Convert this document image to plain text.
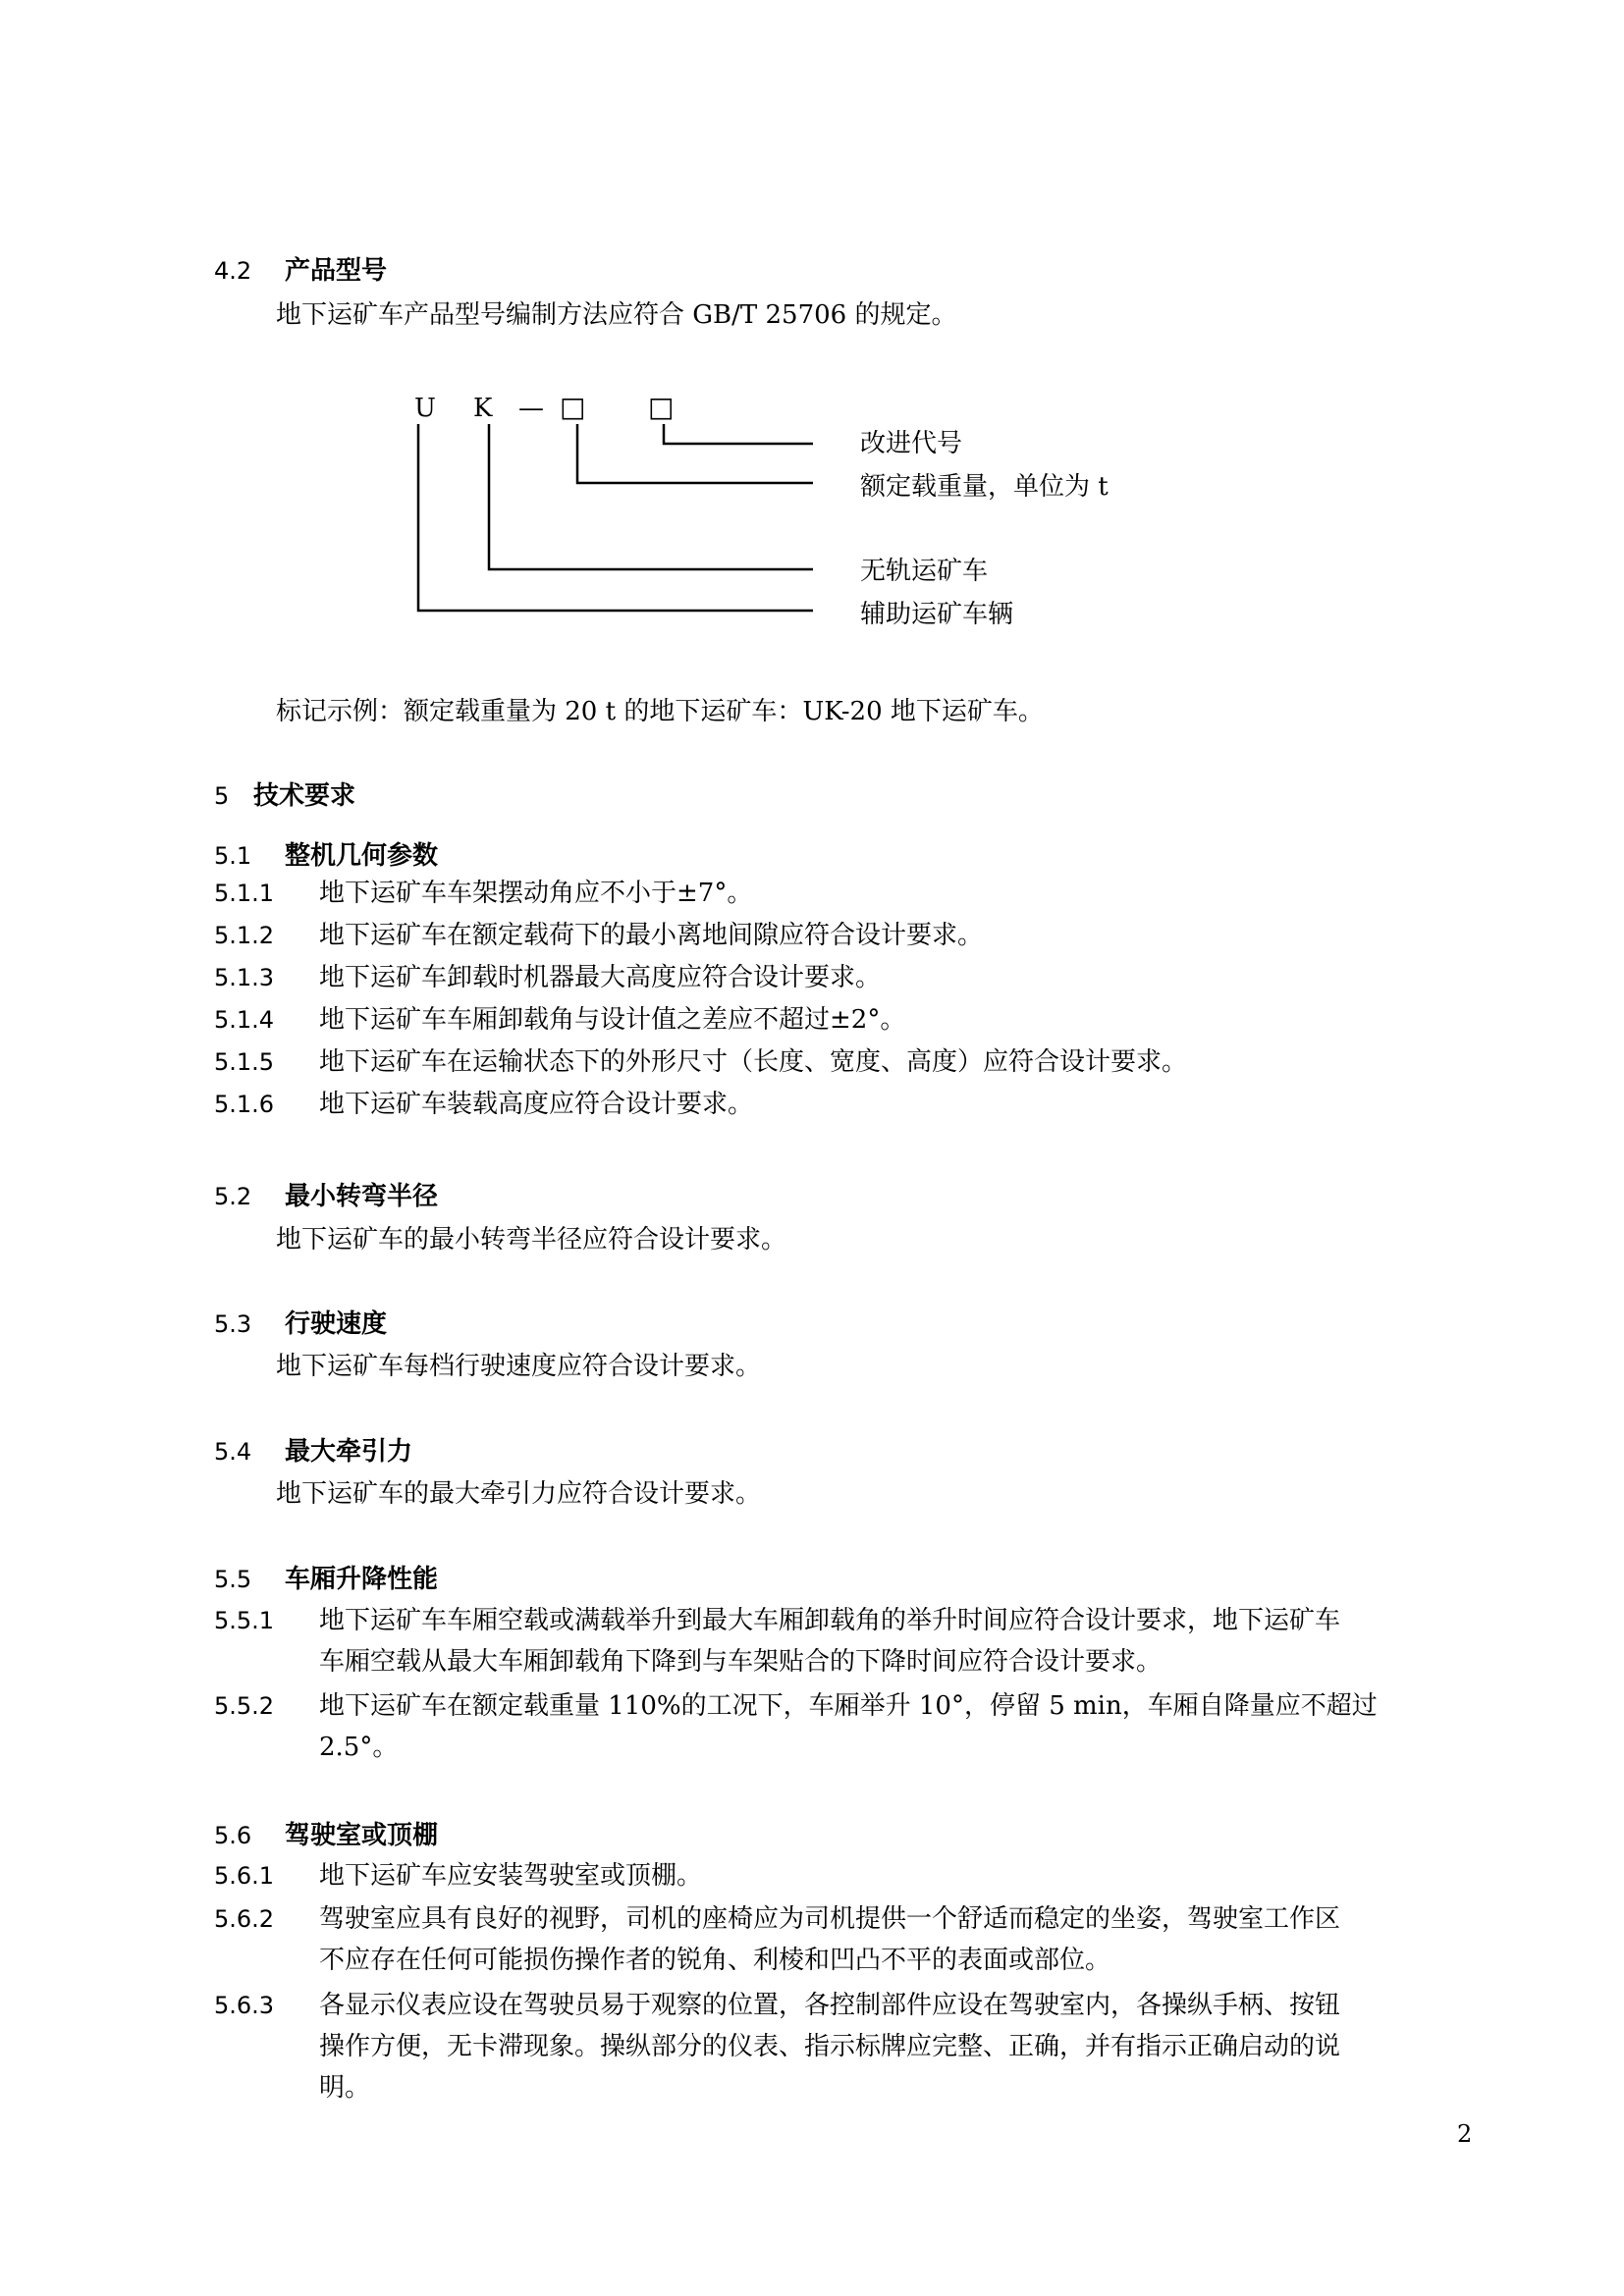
4.2 产品型号
地下运矿车产品型号编制方法应符合 GB/T 25706 的规定。
U K — □ □
改进代号
额定载重量，单位为 t
无轨运矿车
辅助运矿车辆
标记示例：额定载重量为 20 t 的地下运矿车：UK-20 地下运矿车。
5 技术要求
5.1 整机几何参数
5.1.1 地下运矿车车架摆动角应不小于±7°。
5.1.2 地下运矿车在额定载荷下的最小离地间隙应符合设计要求。
5.1.3 地下运矿车卸载时机器最大高度应符合设计要求。
5.1.4 地下运矿车车厢卸载角与设计值之差应不超过±2°。
5.1.5 地下运矿车在运输状态下的外形尺寸（长度、宽度、高度）应符合设计要求。
5.1.6 地下运矿车装载高度应符合设计要求。
5.2 最小转弯半径
地下运矿车的最小转弯半径应符合设计要求。
5.3 行驶速度
地下运矿车每档行驶速度应符合设计要求。
5.4 最大牵引力
地下运矿车的最大牵引力应符合设计要求。
5.5 车厢升降性能
5.5.1 地下运矿车车厢空载或满载举升到最大车厢卸载角的举升时间应符合设计要求，地下运矿车
车厢空载从最大车厢卸载角下降到与车架贴合的下降时间应符合设计要求。
5.5.2 地下运矿车在额定载重量 110%的工况下，车厢举升 10°，停留 5 min，车厢自降量应不超过
2.5°。
5.6 驾驶室或顶棚
5.6.1 地下运矿车应安装驾驶室或顶棚。
5.6.2 驾驶室应具有良好的视野，司机的座椅应为司机提供一个舒适而稳定的坐姿，驾驶室工作区
不应存在任何可能损伤操作者的锐角、利棱和凹凸不平的表面或部位。
5.6.3 各显示仪表应设在驾驶员易于观察的位置，各控制部件应设在驾驶室内，各操纵手柄、按钮
操作方便，无卡滞现象。操纵部分的仪表、指示标牌应完整、正确，并有指示正确启动的说
明。
2
